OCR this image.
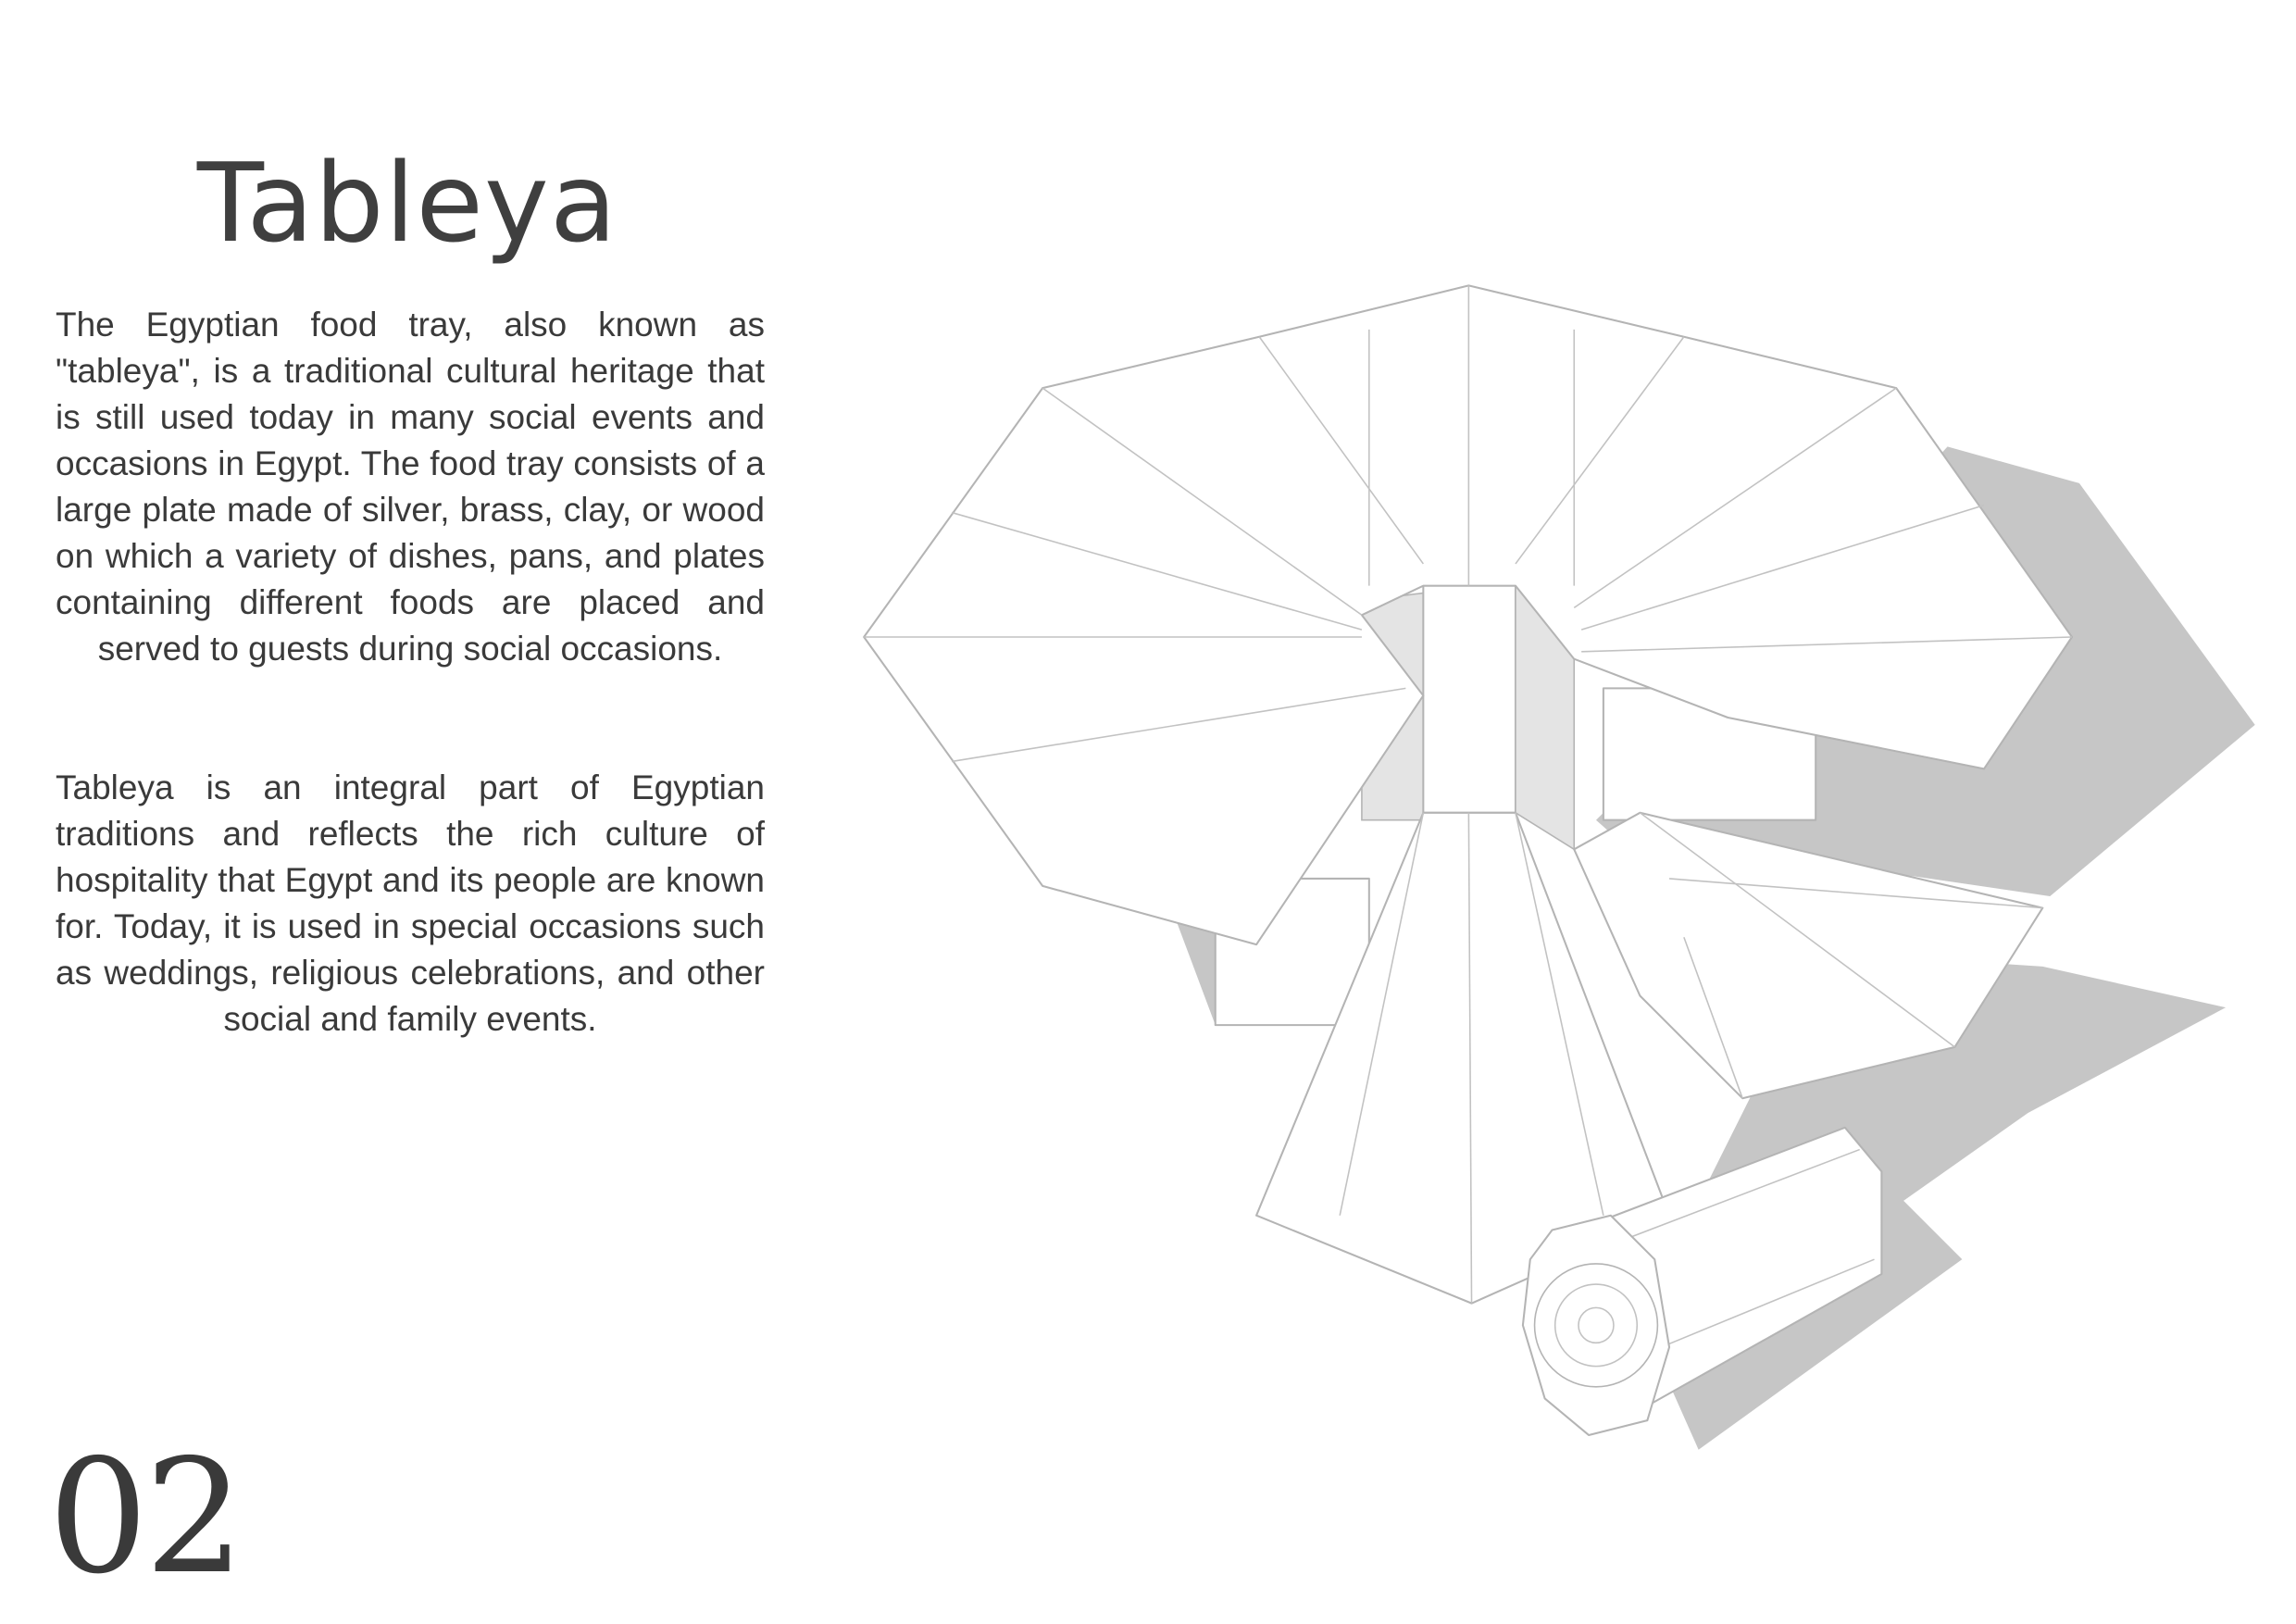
Tableya
The Egyptian food tray, also known as "tableya", is a traditional cultural heritage that is still used today in many social events and occasions in Egypt. The food tray consists of a large plate made of silver, brass, clay, or wood on which a variety of dishes, pans, and plates containing different foods are placed and served to guests during social occasions.
Tableya is an integral part of Egyptian traditions and reflects the rich culture of hospitality that Egypt and its people are known for. Today, it is used in special occasions such as weddings, religious celebrations, and other social and family events.
02
